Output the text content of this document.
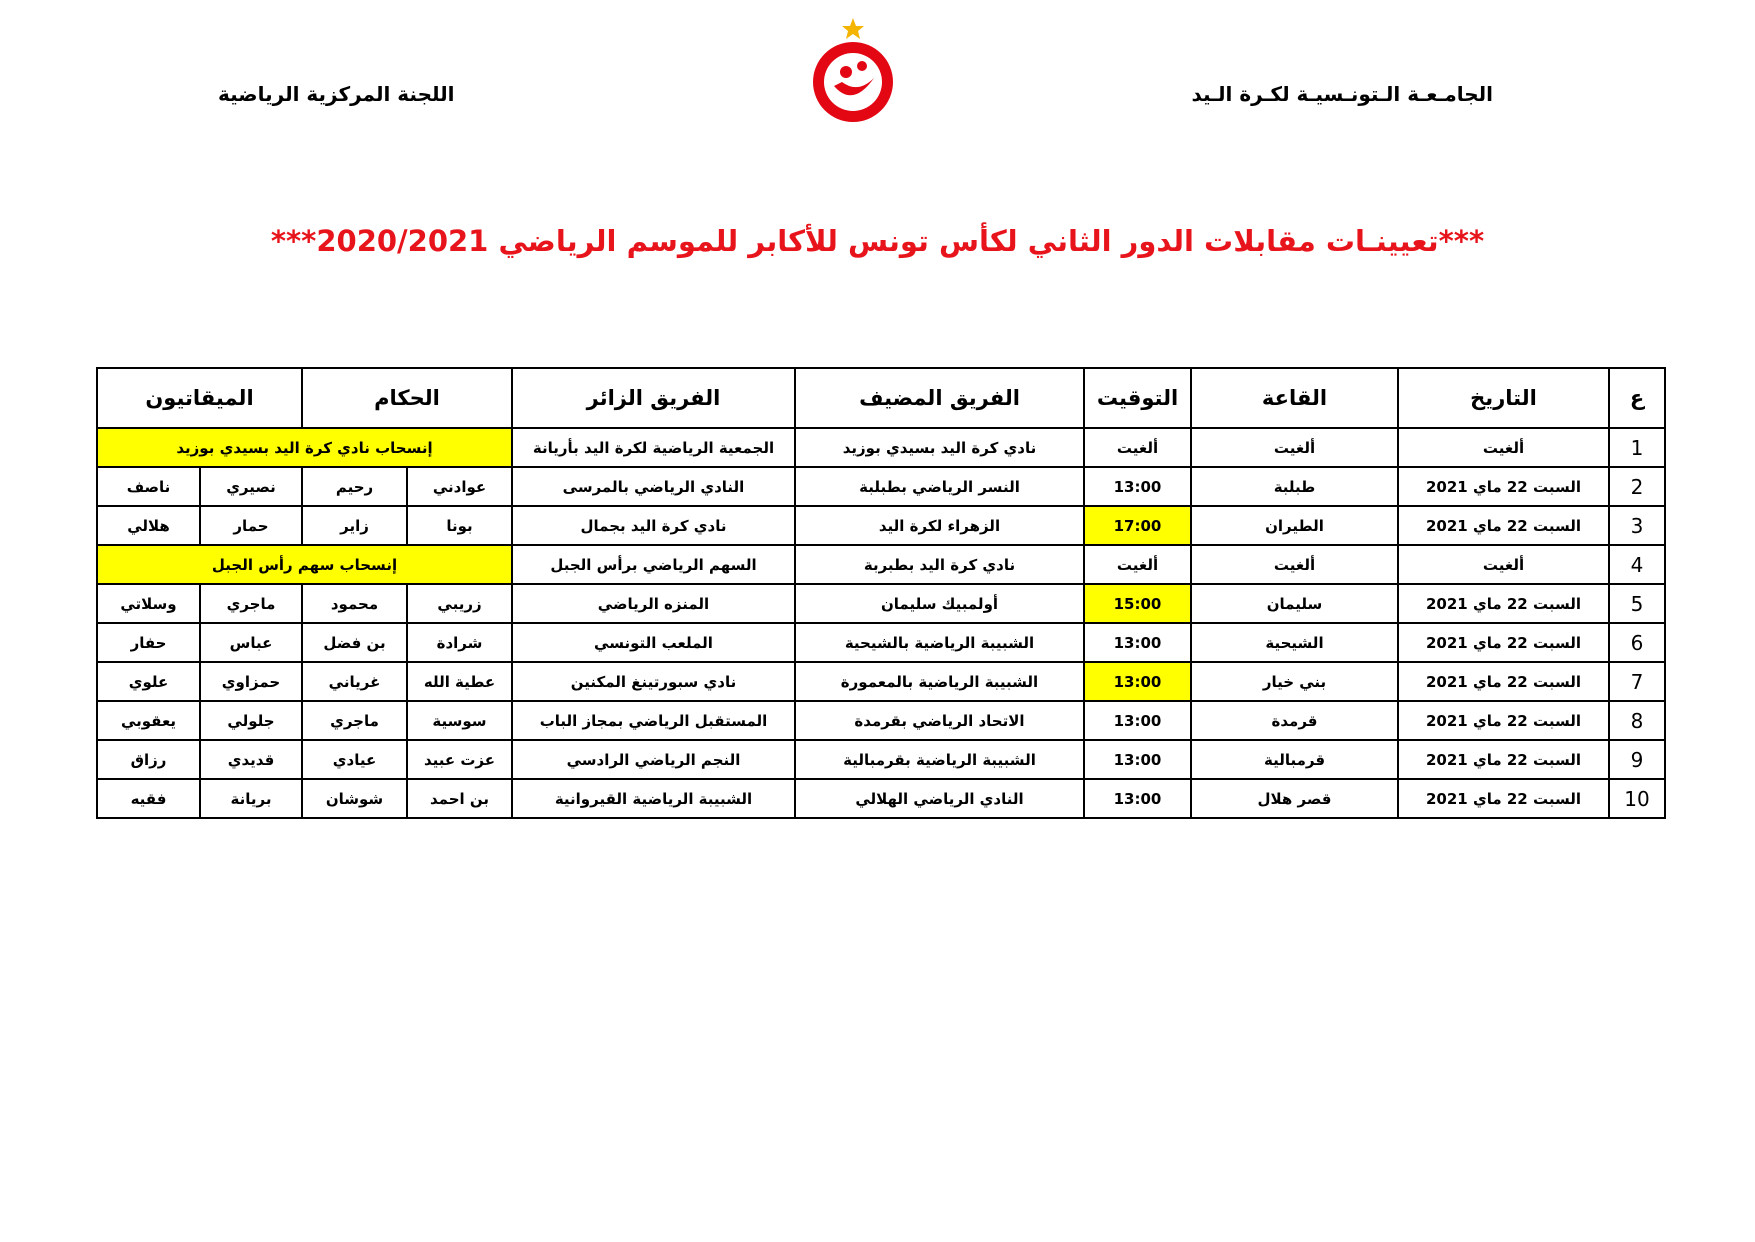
الجامـعـة الـتونـسيـة لكـرة الـيد
اللجنة المركزية الرياضية
***تعيينـات مقابلات الدور الثاني لكأس تونس للأكابر للموسم الرياضي 2020/2021***
ع	التاريخ	القاعة	التوقيت	الفريق المضيف	الفريق الزائر	الحكام		الميقاتيون	
1	ألغيت	ألغيت	ألغيت	نادي كرة اليد بسيدي بوزيد	الجمعية الرياضية لكرة اليد بأريانة	إنسحاب نادي كرة اليد بسيدي بوزيد			
2	السبت 22 ماي 2021	طبلبة	13:00	النسر الرياضي بطبلبة	النادي الرياضي بالمرسى	عوادني	رحيم	نصيري	ناصف
3	السبت 22 ماي 2021	الطيران	17:00	الزهراء لكرة اليد	نادي كرة اليد بجمال	بونا	زاير	حمار	هلالي
4	ألغيت	ألغيت	ألغيت	نادي كرة اليد بطبربة	السهم الرياضي برأس الجبل	إنسحاب سهم رأس الجبل			
5	السبت 22 ماي 2021	سليمان	15:00	أولمبيك سليمان	المنزه الرياضي	زريبي	محمود	ماجري	وسلاتي
6	السبت 22 ماي 2021	الشيحية	13:00	الشبيبة الرياضية بالشيحية	الملعب التونسي	شرادة	بن فضل	عباس	حفار
7	السبت 22 ماي 2021	بني خيار	13:00	الشبيبة الرياضية بالمعمورة	نادي سبورتينغ المكنين	عطية الله	غرياني	حمزاوي	علوي
8	السبت 22 ماي 2021	قرمدة	13:00	الاتحاد الرياضي بقرمدة	المستقبل الرياضي بمجاز الباب	سوسية	ماجري	جلولي	يعقوبي
9	السبت 22 ماي 2021	قرمبالية	13:00	الشبيبة الرياضية بقرمبالية	النجم الرياضي الرادسي	عزت عبيد	عيادي	قديدي	رزاق
10	السبت 22 ماي 2021	قصر هلال	13:00	النادي الرياضي الهلالي	الشبيبة الرياضية القيروانية	بن احمد	شوشان	بريانة	فقيه
